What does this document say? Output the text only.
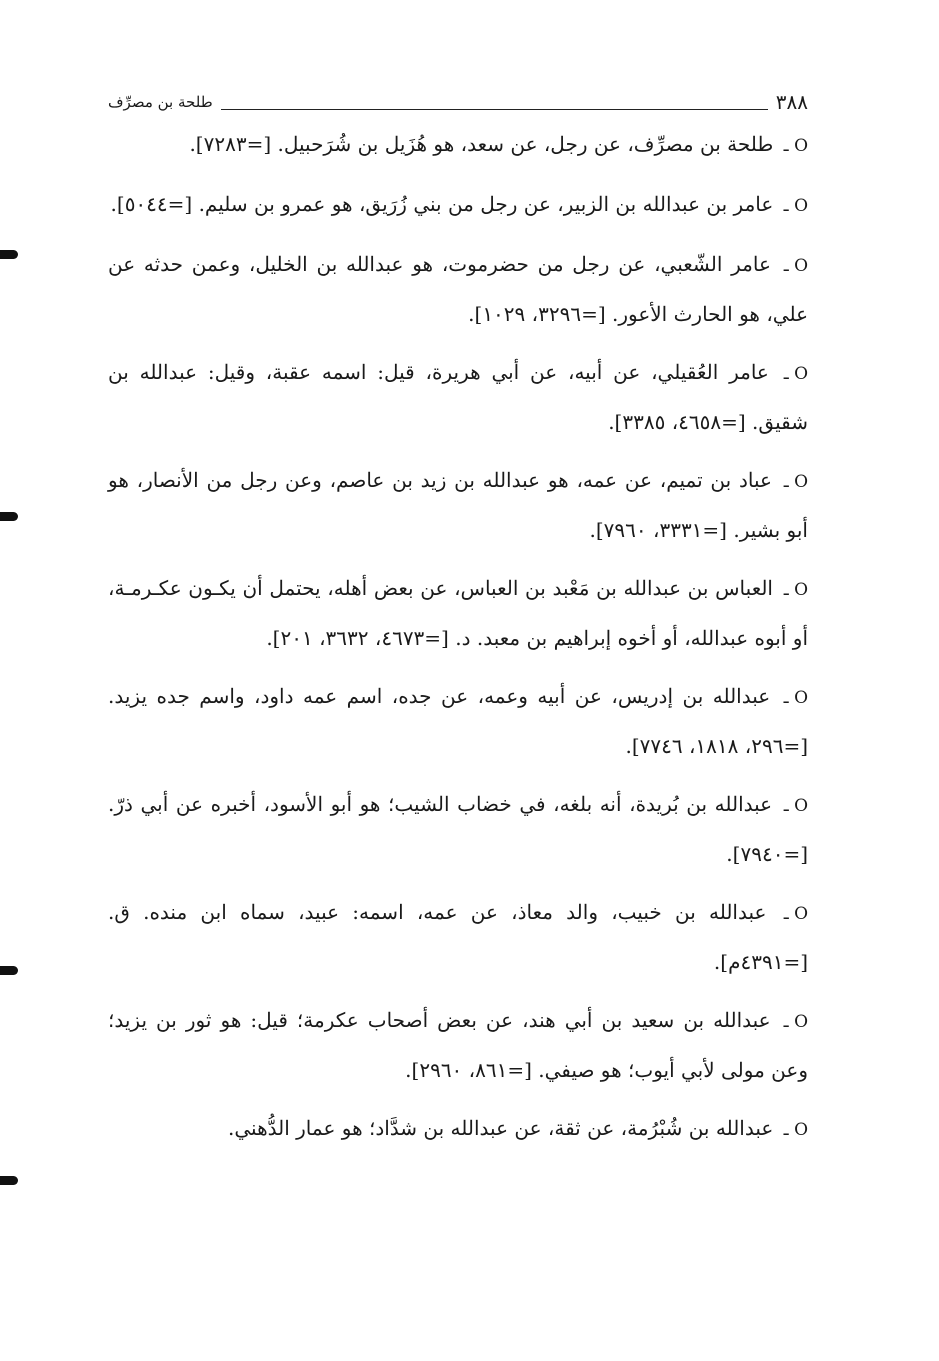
٣٨٨
طلحة بن مصرِّف

O ـ طلحة بن مصرِّف، عن رجل، عن سعد، هو هُزَيل بن شُرَحبيل. [=٧٢٨٣].

O ـ عامر بن عبدالله بن الزبير، عن رجل من بني زُرَيق، هو عمرو بن سليم. [=٥٠٤٤].

O ـ عامر الشّعبي، عن رجل من حضرموت، هو عبدالله بن الخليل، وعمن حدثه عن علي، هو الحارث الأعور. [=٣٢٩٦، ١٠٢٩].

O ـ عامر العُقيلي، عن أبيه، عن أبي هريرة، قيل: اسمه عقبة، وقيل: عبدالله بن شقيق. [=٤٦٥٨، ٣٣٨٥].

O ـ عباد بن تميم، عن عمه، هو عبدالله بن زيد بن عاصم، وعن رجل من الأنصار، هو أبو بشير. [=٣٣٣١، ٧٩٦٠].

O ـ العباس بن عبدالله بن مَعْبد بن العباس، عن بعض أهله، يحتمل أن يكـون عكـرمـة، أو أبوه عبدالله، أو أخوه إبراهيم بن معبد. د. [=٤٦٧٣، ٣٦٣٢، ٢٠١].

O ـ عبدالله بن إدريس، عن أبيه وعمه، عن جده، اسم عمه داود، واسم جده يزيد. [=٢٩٦، ١٨١٨، ٧٧٤٦].

O ـ عبدالله بن بُريدة، أنه بلغه، في خضاب الشيب؛ هو أبو الأسود، أخبره عن أبي ذرّ. [=٧٩٤٠].

O ـ عبدالله بن خبيب، والد معاذ، عن عمه، اسمه: عبيد، سماه ابن منده. ق. [=٤٣٩١م].

O ـ عبدالله بن سعيد بن أبي هند، عن بعض أصحاب عكرمة؛ قيل: هو ثور بن يزيد؛ وعن مولى لأبي أيوب؛ هو صيفي. [=٨٦١، ٢٩٦٠].

O ـ عبدالله بن شُبْرُمة، عن ثقة، عن عبدالله بن شدَّاد؛ هو عمار الدُّهني.
